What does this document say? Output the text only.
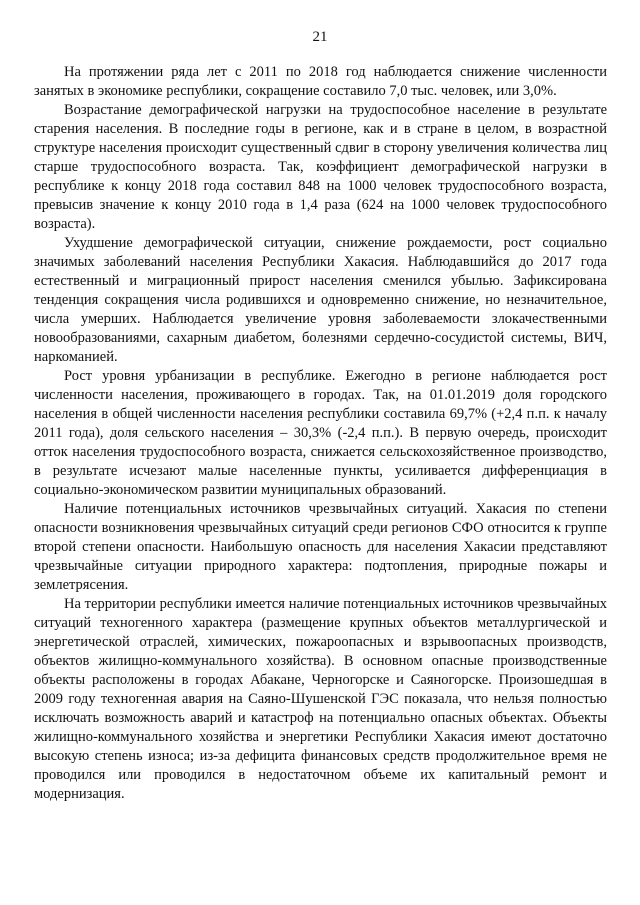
21

На протяжении ряда лет с 2011 по 2018 год наблюдается снижение численности занятых в экономике республики, сокращение составило 7,0 тыс. человек, или 3,0%.

Возрастание демографической нагрузки на трудоспособное население в результате старения населения. В последние годы в регионе, как и в стране в целом, в возрастной структуре населения происходит существенный сдвиг в сторону увеличения количества лиц старше трудоспособного возраста. Так, коэффициент демографической нагрузки в республике к концу 2018 года составил 848 на 1000 человек трудоспособного возраста, превысив значение к концу 2010 года в 1,4 раза (624 на 1000 человек трудоспособного возраста).

Ухудшение демографической ситуации, снижение рождаемости, рост социально значимых заболеваний населения Республики Хакасия. Наблюдавшийся до 2017 года естественный и миграционный прирост населения сменился убылью. Зафиксирована тенденция сокращения числа родившихся и одновременно снижение, но незначительное, числа умерших. Наблюдается увеличение уровня заболеваемости злокачественными новообразованиями, сахарным диабетом, болезнями сердечно-сосудистой системы, ВИЧ, наркоманией.

Рост уровня урбанизации в республике. Ежегодно в регионе наблюдается рост численности населения, проживающего в городах. Так, на 01.01.2019 доля городского населения в общей численности населения республики составила 69,7% (+2,4 п.п. к началу 2011 года), доля сельского населения – 30,3% (-2,4 п.п.). В первую очередь, происходит отток населения трудоспособного возраста, снижается сельскохозяйственное производство, в результате исчезают малые населенные пункты, усиливается дифференциация в социально-экономическом развитии муниципальных образований.

Наличие потенциальных источников чрезвычайных ситуаций. Хакасия по степени опасности возникновения чрезвычайных ситуаций среди регионов СФО относится к группе второй степени опасности. Наибольшую опасность для населения Хакасии представляют чрезвычайные ситуации природного характера: подтопления, природные пожары и землетрясения.

На территории республики имеется наличие потенциальных источников чрезвычайных ситуаций техногенного характера (размещение крупных объектов металлургической и энергетической отраслей, химических, пожароопасных и взрывоопасных производств, объектов жилищно-коммунального хозяйства). В основном опасные производственные объекты расположены в городах Абакане, Черногорске и Саяногорске. Произошедшая в 2009 году техногенная авария на Саяно-Шушенской ГЭС показала, что нельзя полностью исключать возможность аварий и катастроф на потенциально опасных объектах. Объекты жилищно-коммунального хозяйства и энергетики Республики Хакасия имеют достаточно высокую степень износа; из-за дефицита финансовых средств продолжительное время не проводился или проводился в недостаточном объеме их капитальный ремонт и модернизация.
